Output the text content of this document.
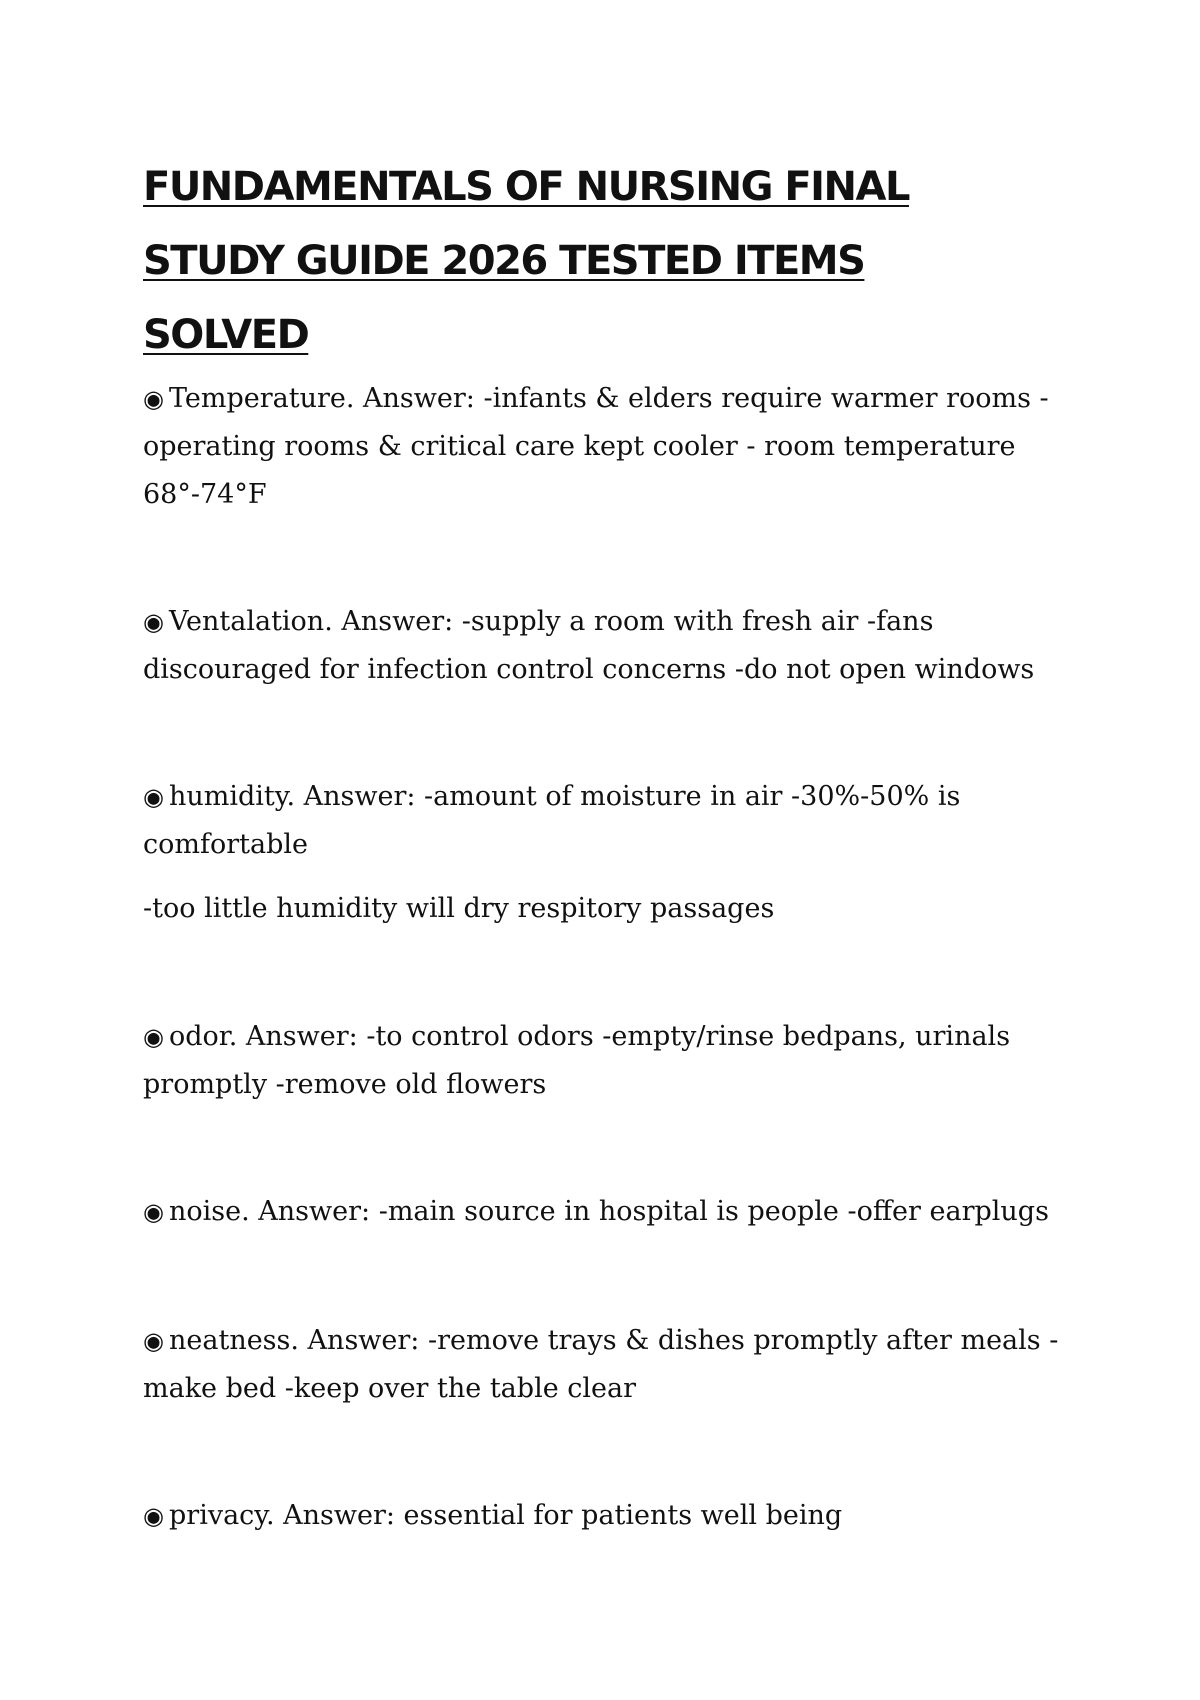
FUNDAMENTALS OF NURSING FINAL STUDY GUIDE 2026 TESTED ITEMS SOLVED

◉ Temperature. Answer: -infants & elders require warmer rooms - operating rooms & critical care kept cooler - room temperature 68°-74°F

◉ Ventalation. Answer: -supply a room with fresh air -fans discouraged for infection control concerns -do not open windows

◉ humidity. Answer: -amount of moisture in air -30%-50% is comfortable

-too little humidity will dry respitory passages

◉ odor. Answer: -to control odors -empty/rinse bedpans, urinals promptly -remove old flowers

◉ noise. Answer: -main source in hospital is people -offer earplugs

◉ neatness. Answer: -remove trays & dishes promptly after meals - make bed -keep over the table clear

◉ privacy. Answer: essential for patients well being
